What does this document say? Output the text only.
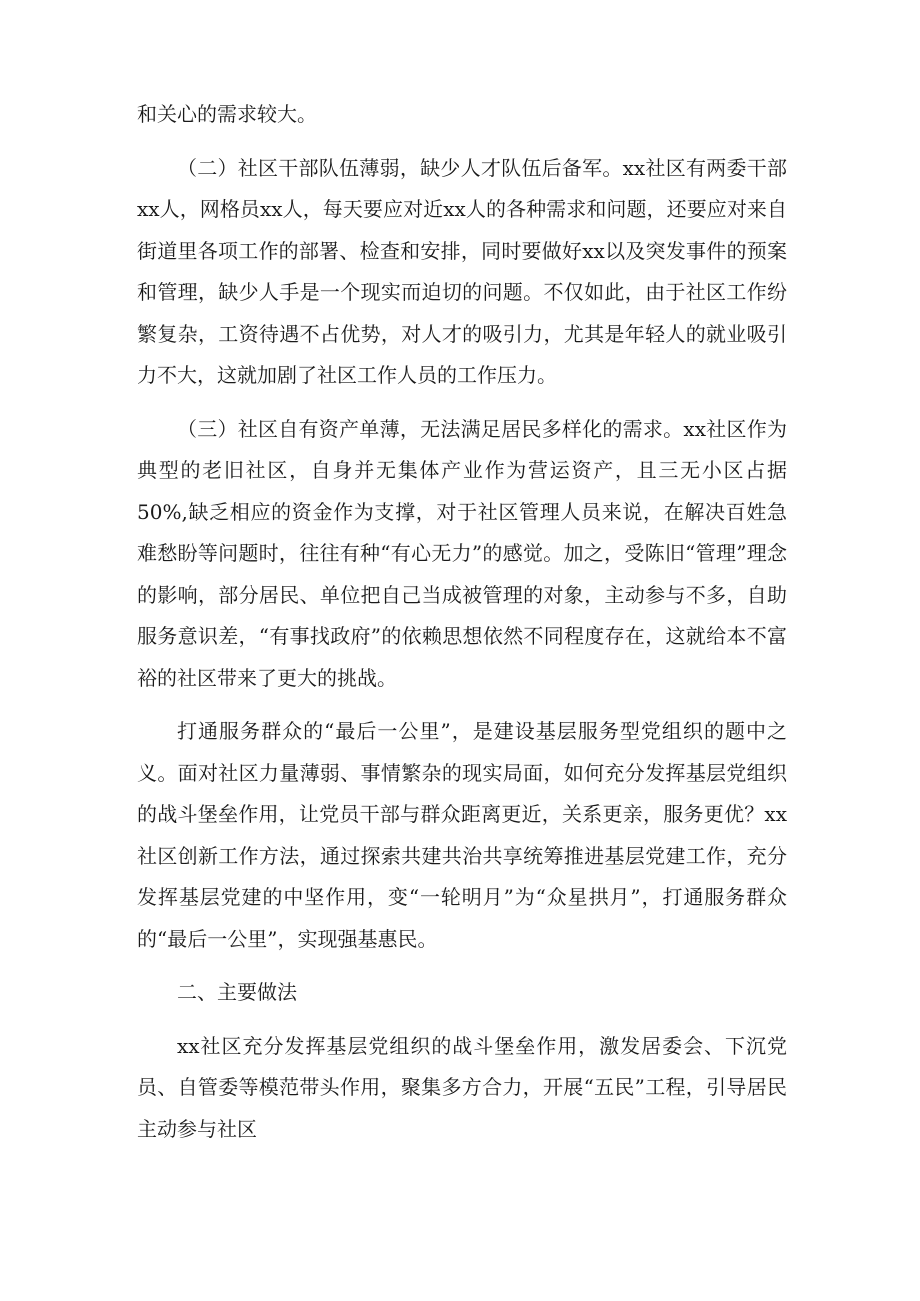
和关心的需求较大。

（二）社区干部队伍薄弱，缺少人才队伍后备军。xx社区有两委干部xx人，网格员xx人，每天要应对近xx人的各种需求和问题，还要应对来自街道里各项工作的部署、检查和安排，同时要做好xx以及突发事件的预案和管理，缺少人手是一个现实而迫切的问题。不仅如此，由于社区工作纷繁复杂，工资待遇不占优势，对人才的吸引力，尤其是年轻人的就业吸引力不大，这就加剧了社区工作人员的工作压力。

（三）社区自有资产单薄，无法满足居民多样化的需求。xx社区作为典型的老旧社区，自身并无集体产业作为营运资产，且三无小区占据50%,缺乏相应的资金作为支撑，对于社区管理人员来说，在解决百姓急难愁盼等问题时，往往有种“有心无力”的感觉。加之，受陈旧“管理”理念的影响，部分居民、单位把自己当成被管理的对象，主动参与不多，自助服务意识差，“有事找政府”的依赖思想依然不同程度存在，这就给本不富裕的社区带来了更大的挑战。

打通服务群众的“最后一公里”，是建设基层服务型党组织的题中之义。面对社区力量薄弱、事情繁杂的现实局面，如何充分发挥基层党组织的战斗堡垒作用，让党员干部与群众距离更近，关系更亲，服务更优？xx社区创新工作方法，通过探索共建共治共享统筹推进基层党建工作，充分发挥基层党建的中坚作用，变“一轮明月”为“众星拱月”，打通服务群众的“最后一公里”，实现强基惠民。

二、主要做法

xx社区充分发挥基层党组织的战斗堡垒作用，激发居委会、下沉党员、自管委等模范带头作用，聚集多方合力，开展“五民”工程，引导居民主动参与社区
